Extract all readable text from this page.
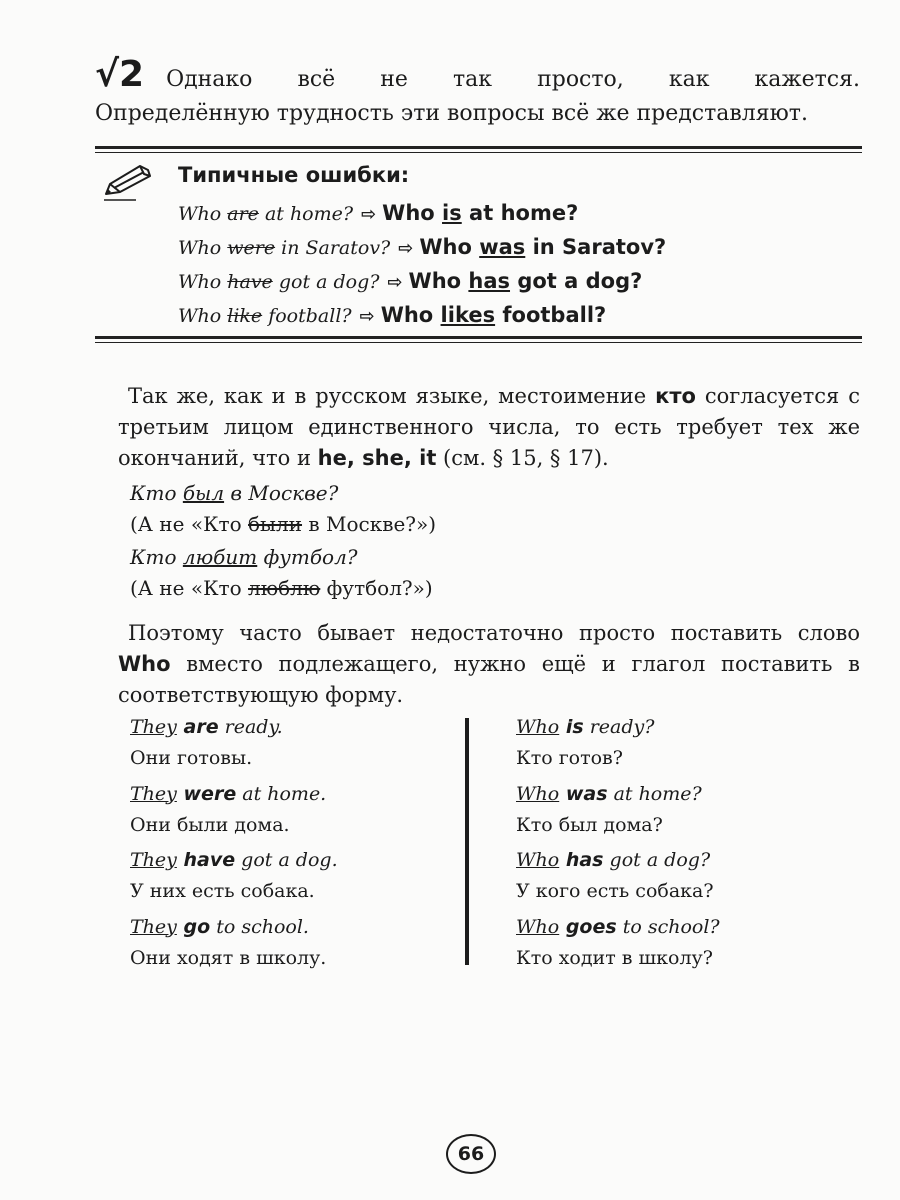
√2 Однако всё не так просто, как кажется.
Определённую трудность эти вопросы всё же представляют.
Типичные ошибки:
Who are at home? ⇨ Who is at home?
Who were in Saratov? ⇨ Who was in Saratov?
Who have got a dog? ⇨ Who has got a dog?
Who like football? ⇨ Who likes football?
Так же, как и в русском языке, местоимение кто согласуется с третьим лицом единственного числа, то есть требует тех же окончаний, что и he, she, it (см. § 15, § 17).
Кто был в Москве?
(А не «Кто были в Москве?»)
Кто любит футбол?
(А не «Кто люблю футбол?»)
Поэтому часто бывает недостаточно просто поставить слово Who вместо подлежащего, нужно ещё и глагол поставить в соответствующую форму.
They are ready.
Они готовы.
They were at home.
Они были дома.
They have got a dog.
У них есть собака.
They go to school.
Они ходят в школу.
Who is ready?
Кто готов?
Who was at home?
Кто был дома?
Who has got a dog?
У кого есть собака?
Who goes to school?
Кто ходит в школу?
66
